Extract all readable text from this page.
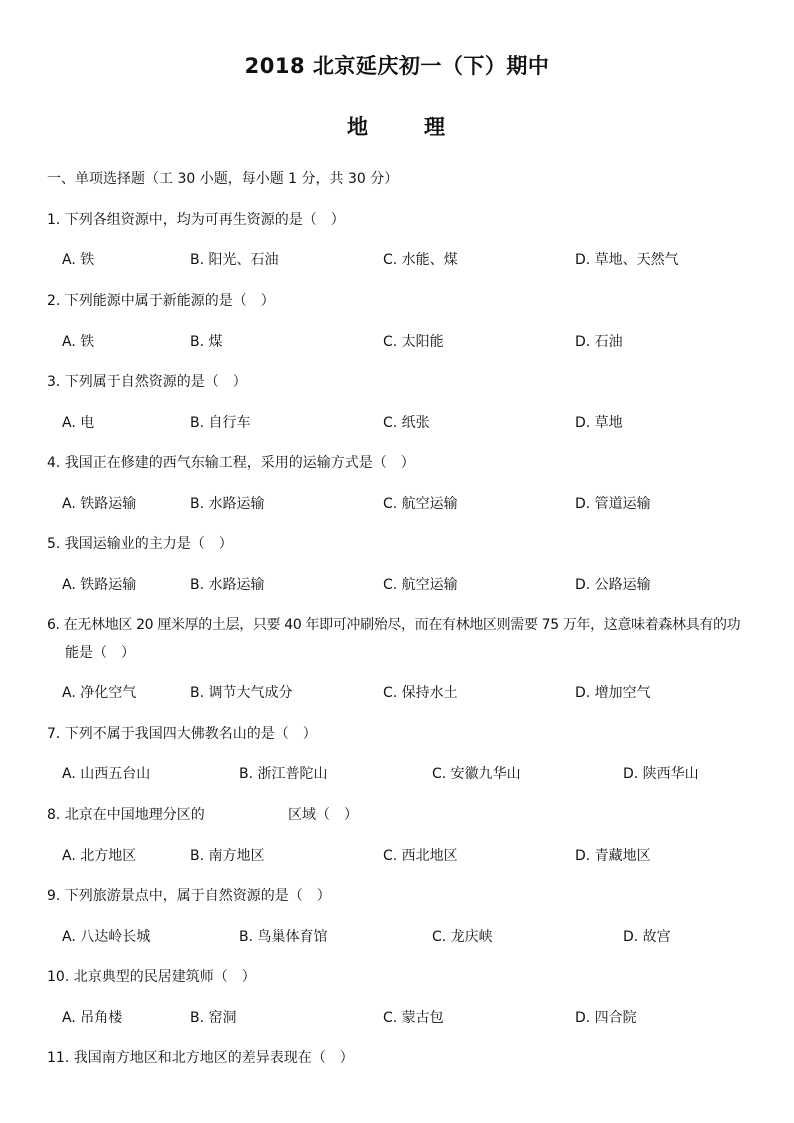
2018 北京延庆初一（下）期中
地	理
一、单项选择题（工 30 小题，每小题 1 分，共 30 分）
1. 下列各组资源中，均为可再生资源的是（　）
A. 铁	B. 阳光、石油	C. 水能、煤	D. 草地、天然气
2. 下列能源中属于新能源的是（　）
A. 铁	B. 煤	C. 太阳能	D. 石油
3. 下列属于自然资源的是（　）
A. 电	B. 自行车	C. 纸张	D. 草地
4. 我国正在修建的西气东输工程，采用的运输方式是（　）
A. 铁路运输	B. 水路运输	C. 航空运输	D. 管道运输
5. 我国运输业的主力是（　）
A. 铁路运输	B. 水路运输	C. 航空运输	D. 公路运输
6. 在无林地区 20 厘米厚的土层，只要 40 年即可冲刷殆尽，而在有林地区则需要 75 万年，这意味着森林具有的功
能是（　）
A. 净化空气	B. 调节大气成分	C. 保持水土	D. 增加空气
7. 下列不属于我国四大佛教名山的是（　）
A. 山西五台山	B. 浙江普陀山	C. 安徽九华山	D. 陕西华山
8. 北京在中国地理分区的	区域（　）
A. 北方地区	B. 南方地区	C. 西北地区	D. 青藏地区
9. 下列旅游景点中，属于自然资源的是（　）
A. 八达岭长城	B. 鸟巢体育馆	C. 龙庆峡	D. 故宫
10. 北京典型的民居建筑师（　）
A. 吊角楼	B. 窑洞	C. 蒙古包	D. 四合院
11. 我国南方地区和北方地区的差异表现在（　）
